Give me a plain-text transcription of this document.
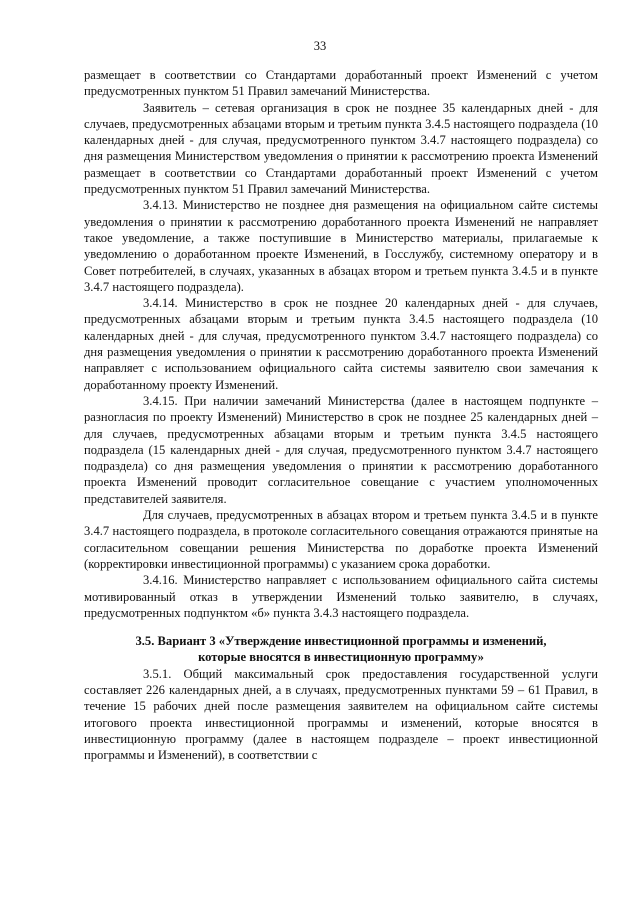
33

размещает в соответствии со Стандартами доработанный проект Изменений с учетом предусмотренных пунктом 51 Правил замечаний Министерства.

Заявитель – сетевая организация в срок не позднее 35 календарных дней - для случаев, предусмотренных абзацами вторым и третьим пункта 3.4.5 настоящего подраздела (10 календарных дней - для случая, предусмотренного пунктом 3.4.7 настоящего подраздела) со дня размещения Министерством уведомления о принятии к рассмотрению проекта Изменений размещает в соответствии со Стандартами доработанный проект Изменений с учетом предусмотренных пунктом 51 Правил замечаний Министерства.

3.4.13. Министерство не позднее дня размещения на официальном сайте системы уведомления о принятии к рассмотрению доработанного проекта Изменений не направляет такое уведомление, а также поступившие в Министерство материалы, прилагаемые к уведомлению о доработанном проекте Изменений, в Госслужбу, системному оператору и в Совет потребителей, в случаях, указанных в абзацах втором и третьем пункта 3.4.5 и в пункте 3.4.7 настоящего подраздела).

3.4.14. Министерство в срок не позднее 20 календарных дней - для случаев, предусмотренных абзацами вторым и третьим пункта 3.4.5 настоящего подраздела (10 календарных дней - для случая, предусмотренного пунктом 3.4.7 настоящего подраздела) со дня размещения уведомления о принятии к рассмотрению доработанного проекта Изменений направляет с использованием официального сайта системы заявителю свои замечания к доработанному проекту Изменений.

3.4.15. При наличии замечаний Министерства (далее в настоящем подпункте – разногласия по проекту Изменений) Министерство в срок не позднее 25 календарных дней – для случаев, предусмотренных абзацами вторым и третьим пункта 3.4.5 настоящего подраздела (15 календарных дней - для случая, предусмотренного пунктом 3.4.7 настоящего подраздела) со дня размещения уведомления о принятии к рассмотрению доработанного проекта Изменений проводит согласительное совещание с участием уполномоченных представителей заявителя.

Для случаев, предусмотренных в абзацах втором и третьем пункта 3.4.5 и в пункте 3.4.7 настоящего подраздела, в протоколе согласительного совещания отражаются принятые на согласительном совещании решения Министерства по доработке проекта Изменений (корректировки инвестиционной программы) с указанием срока доработки.

3.4.16. Министерство направляет с использованием официального сайта системы мотивированный отказ в утверждении Изменений только заявителю, в случаях, предусмотренных подпунктом «б» пункта 3.4.3 настоящего подраздела.

3.5. Вариант 3 «Утверждение инвестиционной программы и изменений, которые вносятся в инвестиционную программу»

3.5.1. Общий максимальный срок предоставления государственной услуги составляет 226 календарных дней, а в случаях, предусмотренных пунктами 59 – 61 Правил, в течение 15 рабочих дней после размещения заявителем на официальном сайте системы итогового проекта инвестиционной программы и изменений, которые вносятся в инвестиционную программу (далее в настоящем подразделе – проект инвестиционной программы и Изменений), в соответствии с
